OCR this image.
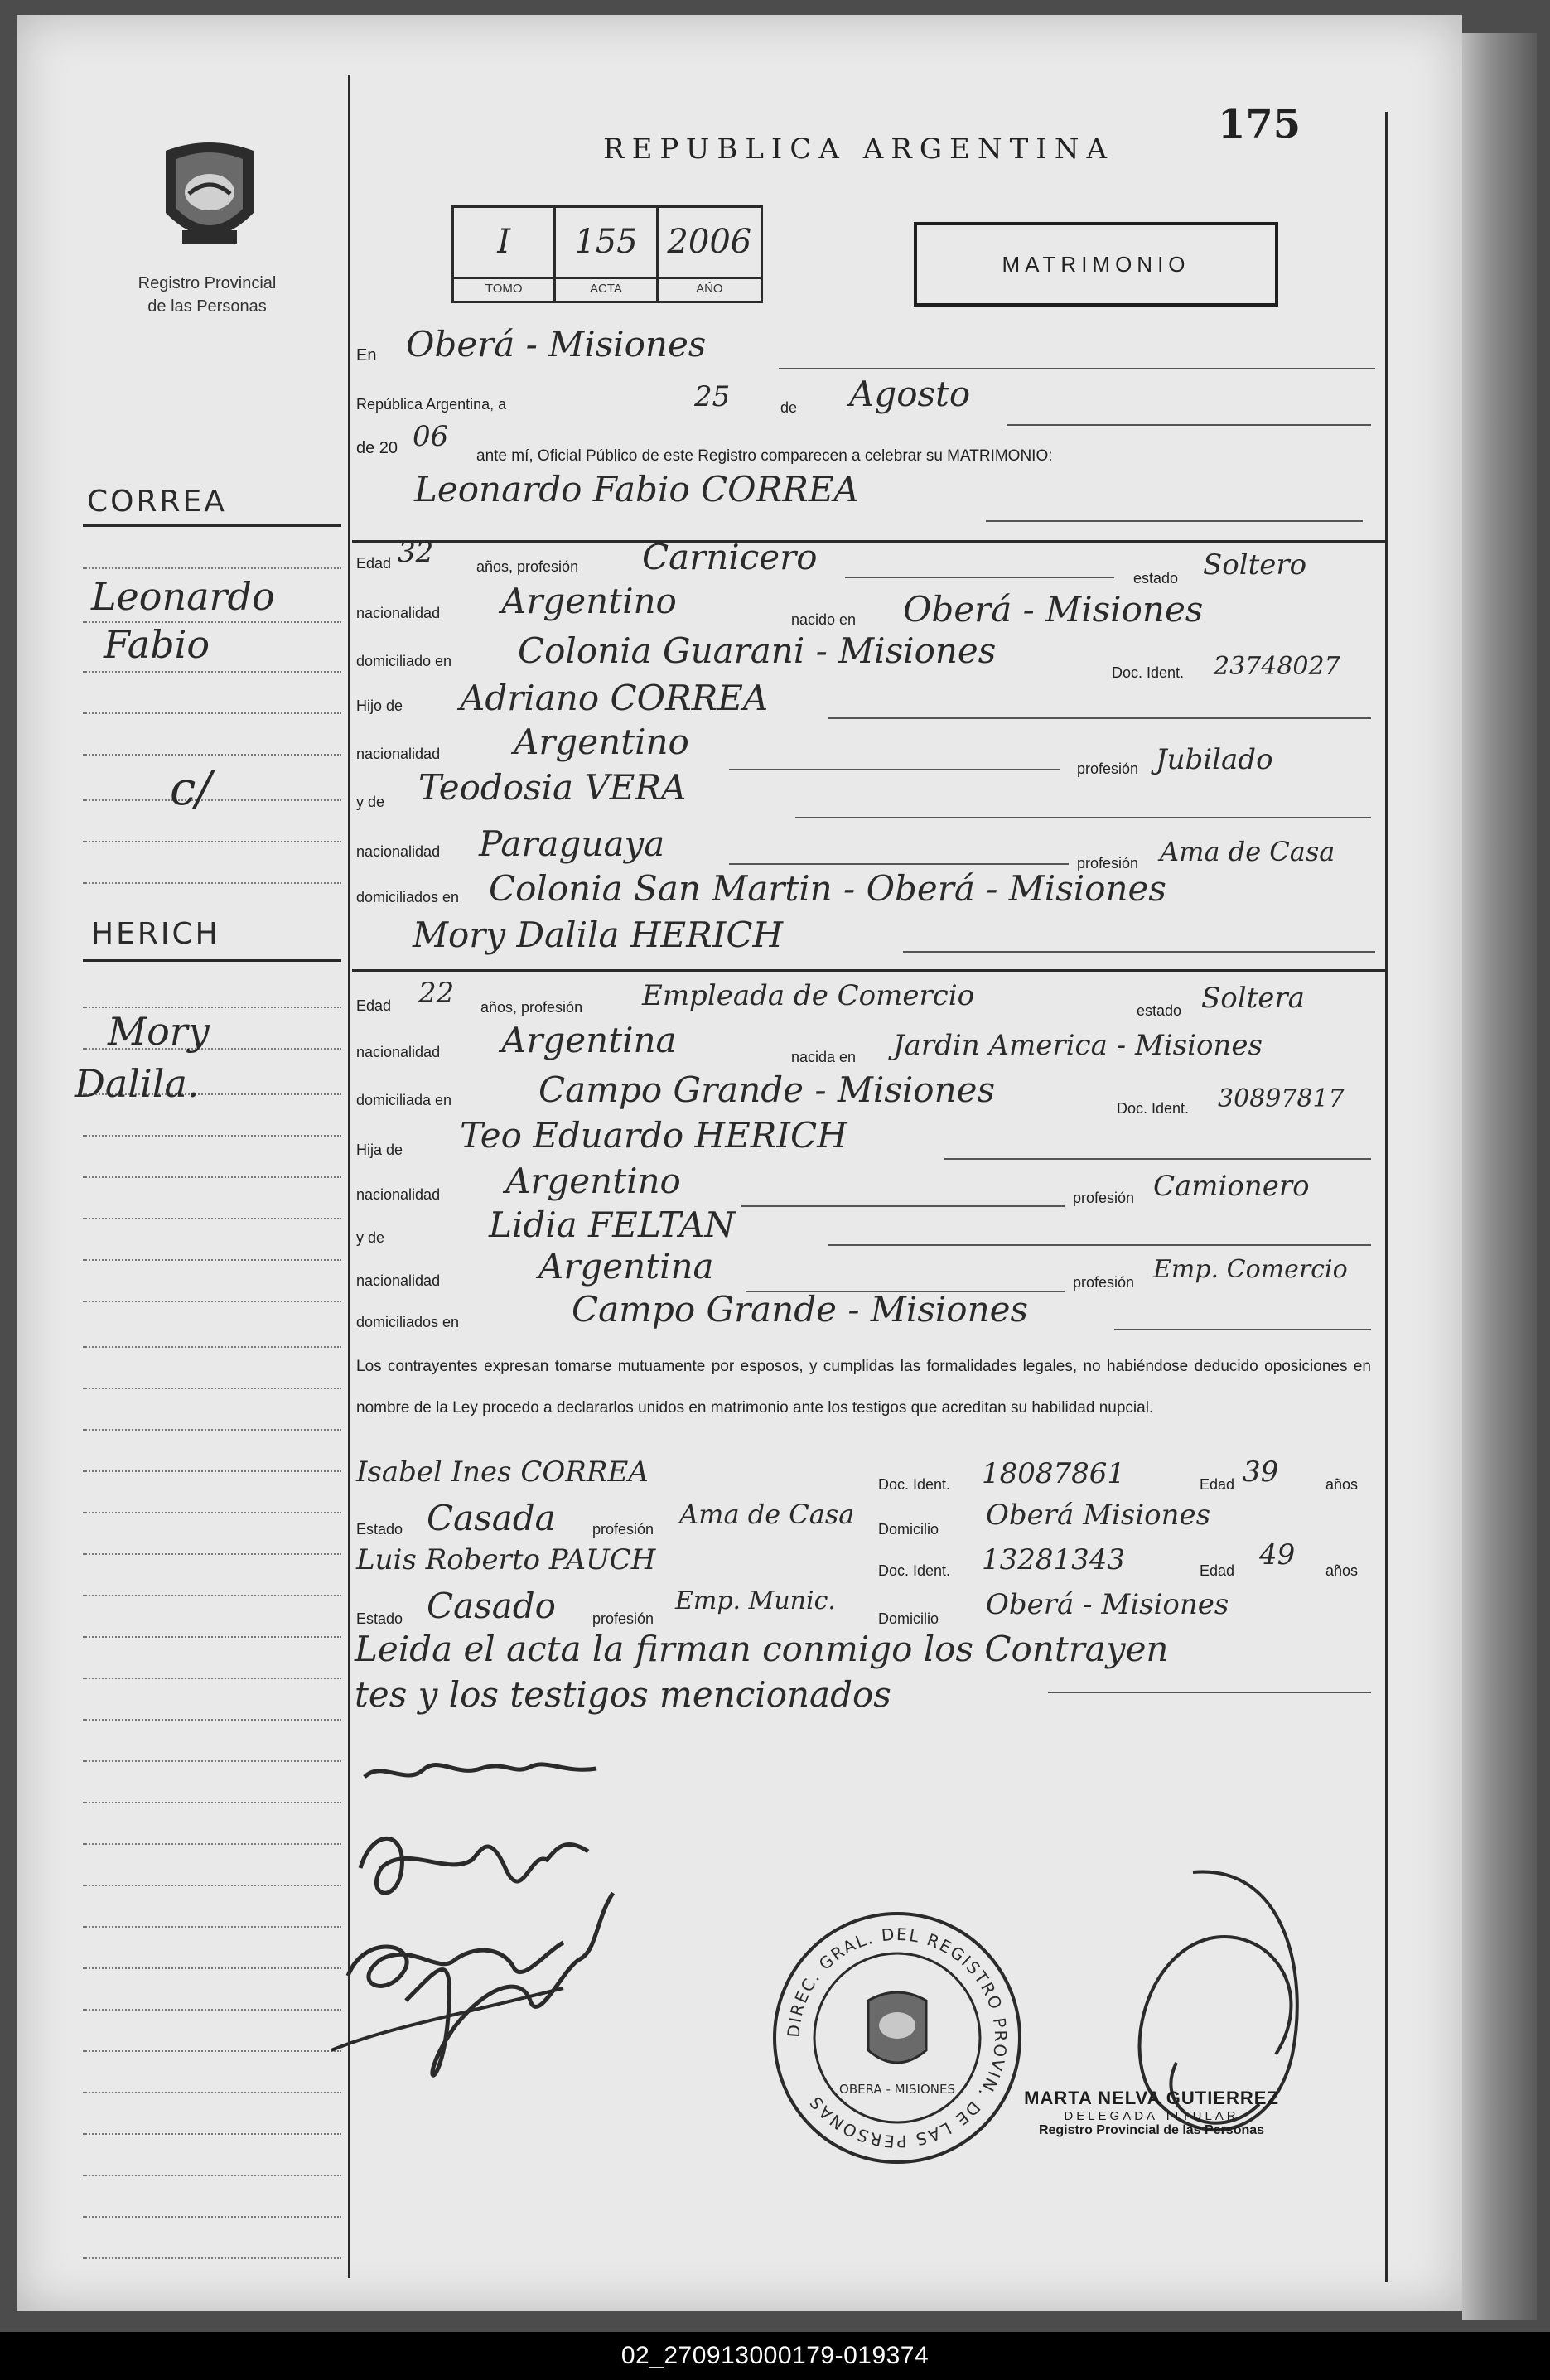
Registro Provincial
de las Personas
REPUBLICA ARGENTINA
175
I
TOMO
155
ACTA
2006
AÑO
MATRIMONIO
CORREA
Leonardo
Fabio
c/
HERICH
Mory
Dalila.
En Oberá - Misiones
República Argentina, a	25	de Agosto
de 20 06
ante mí, Oficial Público de este Registro comparecen a celebrar su MATRIMONIO:
Leonardo Fabio CORREA
Edad 32	años, profesión Carnicero
estado Soltero
nacionalidad Argentino	nacido en Oberá - Misiones
domiciliado en Colonia Guarani - Misiones
Doc. Ident. 23748027
Hijo de Adriano CORREA
nacionalidad Argentino
profesión Jubilado
y de Teodosia VERA
nacionalidad Paraguaya	profesión Ama de Casa
domiciliados en Colonia San Martin - Oberá - Misiones
Mory Dalila HERICH
Edad 22 años, profesión Empleada de Comercio	estado Soltera
nacionalidad Argentina	nacida en Jardin America - Misiones
domiciliada en Campo Grande - Misiones	Doc. Ident. 30897817
Hija de Teo Eduardo HERICH
nacionalidad Argentino	profesión Camionero
y de	Lidia FELTAN
nacionalidad	Argentina	profesión Emp. Comercio
domiciliados en	Campo Grande - Misiones
Los contrayentes expresan tomarse mutuamente por esposos, y cumplidas las formalidades legales, no habiéndose deducido oposiciones en nombre de la Ley procedo a declararlos unidos en matrimonio ante los testigos que acreditan su habilidad nupcial.
Isabel Ines CORREA	Doc. Ident. 18087861	Edad 39	años
Estado Casada profesión Ama de Casa Domicilio Oberá Misiones
Luis Roberto PAUCH	Doc. Ident. 13281343	Edad 49 años
Estado Casado profesión
Emp. Munic.
Domicilio Oberá - Misiones
Leida el acta la firman conmigo los Contrayen
tes y los testigos mencionados
DIREC. GRAL. DEL REGISTRO PROVIN. DE LAS PERSONAS
OBERA - MISIONES	MARTA NELVA GUTIERREZ
DELEGADA TITULAR
Registro Provincial de las Personas
02_270913000179-019374
